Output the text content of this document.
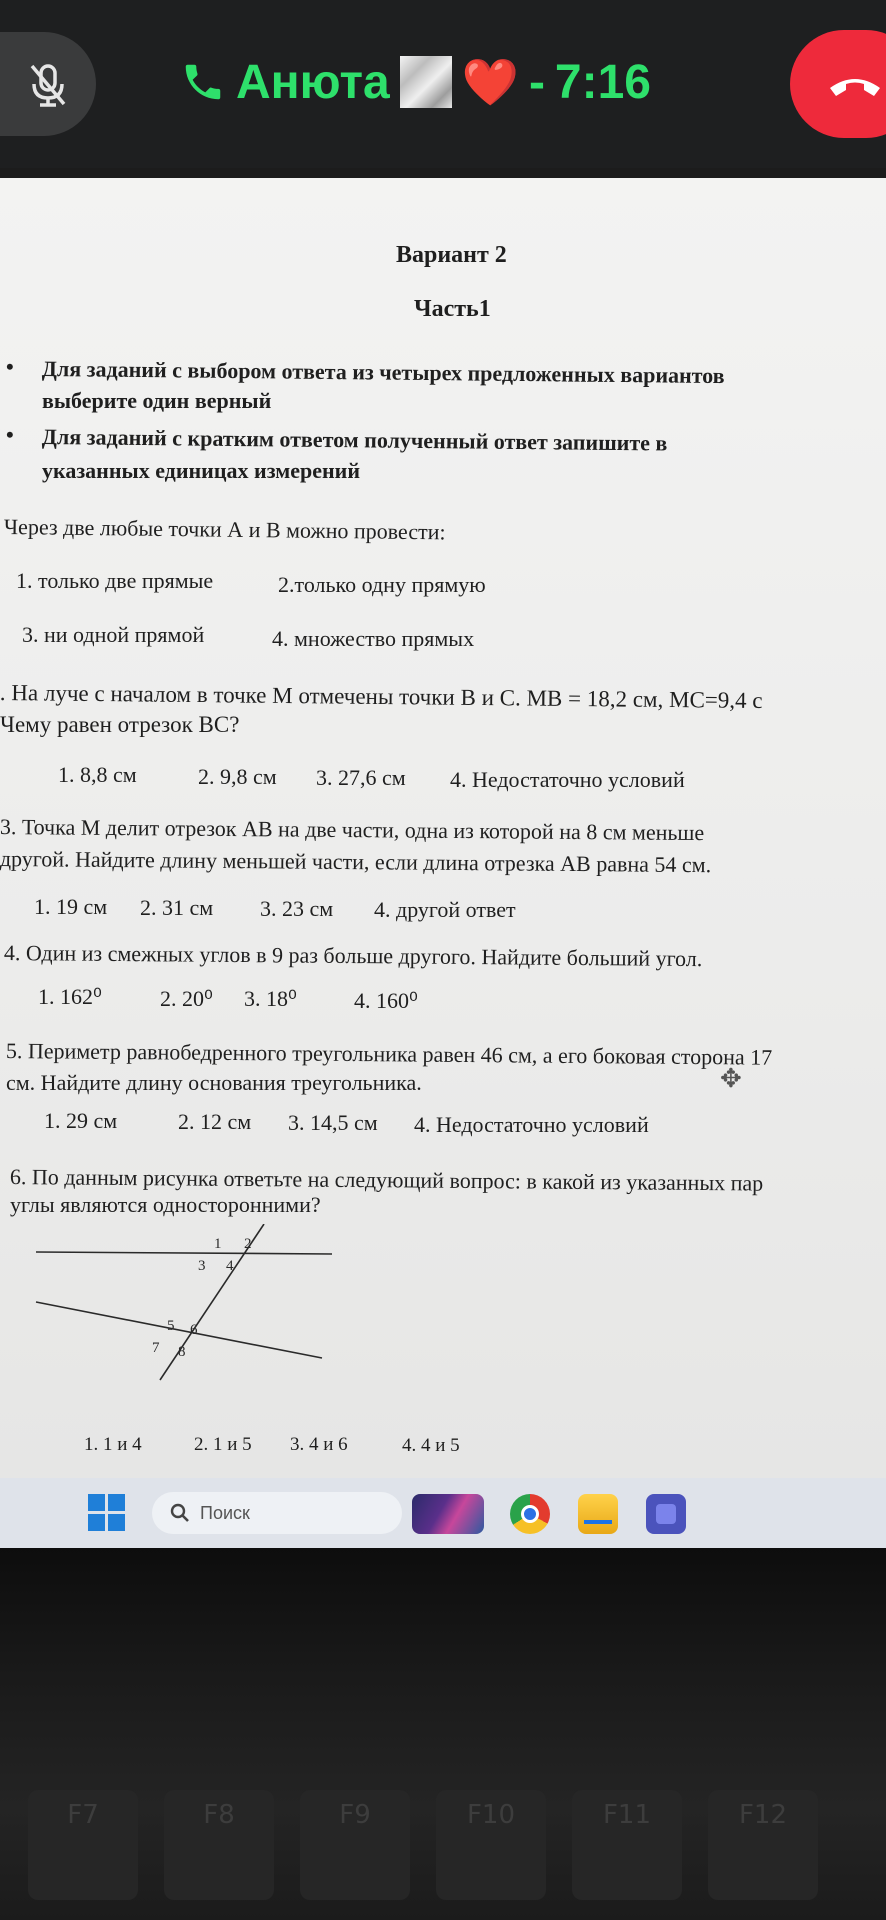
Анюта ❤️ - 7:16
Вариант 2
Часть1
• Для заданий с выбором ответа из четырех предложенных вариантов
выберите один верный
• Для заданий с кратким ответом полученный ответ запишите в
указанных единицах измерений
Через две любые точки А и В можно провести:
1. только две прямые	2.только одну прямую
3. ни одной прямой	4. множество прямых
. На луче с началом в точке М отмечены точки В и С. МВ = 18,2 см, МС=9,4 с
Чему равен отрезок ВС?
1. 8,8 см	2. 9,8 см 3. 27,6 см 4. Недостаточно условий
3. Точка М делит отрезок АВ на две части, одна из которой на 8 см меньше
другой. Найдите длину меньшей части, если длина отрезка АВ равна 54 см.
1. 19 см 2. 31 см 3. 23 см 4. другой ответ
4. Один из смежных углов в 9 раз больше другого. Найдите больший угол.
1. 162⁰	2. 20⁰ 3. 18⁰	4. 160⁰
5. Периметр равнобедренного треугольника равен 46 см, а его боковая сторона 17
см. Найдите длину основания треугольника.	✥
1. 29 см	2. 12 см 3. 14,5 см 4. Недостаточно условий
6. По данным рисунка ответьте на следующий вопрос: в какой из указанных пар
углы являются односторонними?
1 2
3 4
5 6
7 8
1. 1 и 4	2. 1 и 5 3. 4 и 6	4. 4 и 5
Поиск
F7	F8	F9	F10	F11	F12
